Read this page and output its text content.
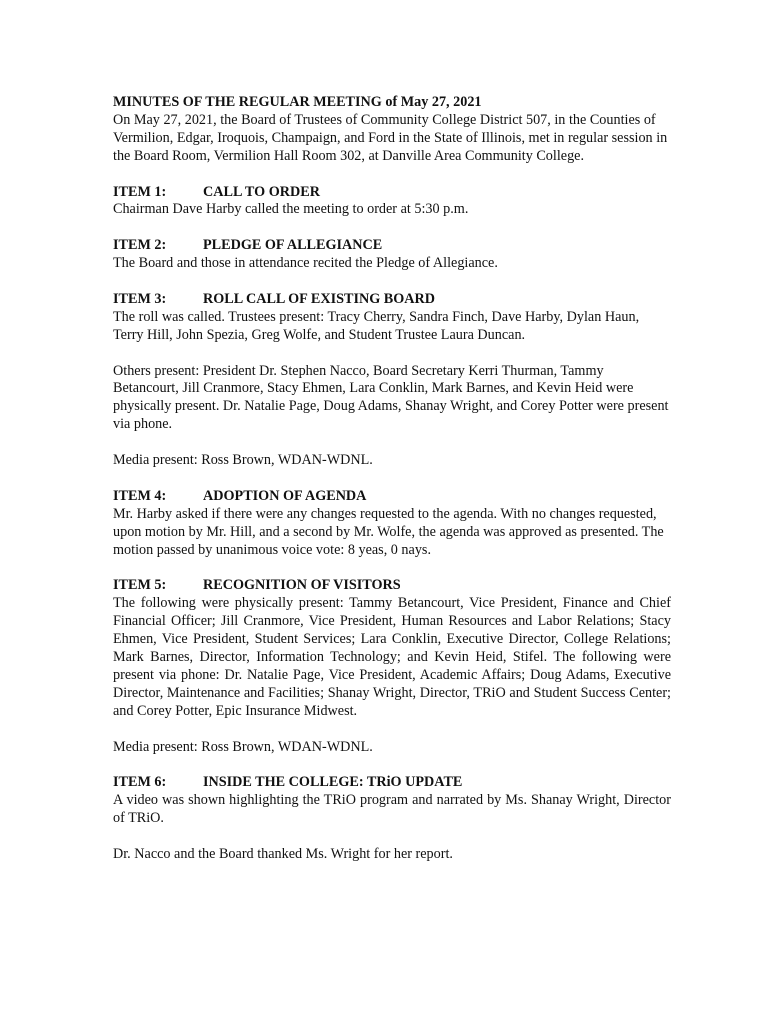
MINUTES OF THE REGULAR MEETING of May 27, 2021

On May 27, 2021, the Board of Trustees of Community College District 507, in the Counties of Vermilion, Edgar, Iroquois, Champaign, and Ford in the State of Illinois, met in regular session in the Board Room, Vermilion Hall Room 302, at Danville Area Community College.

ITEM 1:	CALL TO ORDER

Chairman Dave Harby called the meeting to order at 5:30 p.m.

ITEM 2:	PLEDGE OF ALLEGIANCE

The Board and those in attendance recited the Pledge of Allegiance.

ITEM 3:	ROLL CALL OF EXISTING BOARD

The roll was called. Trustees present: Tracy Cherry, Sandra Finch, Dave Harby, Dylan Haun, Terry Hill, John Spezia, Greg Wolfe, and Student Trustee Laura Duncan.

Others present: President Dr. Stephen Nacco, Board Secretary Kerri Thurman, Tammy Betancourt, Jill Cranmore, Stacy Ehmen, Lara Conklin, Mark Barnes, and Kevin Heid were physically present. Dr. Natalie Page, Doug Adams, Shanay Wright, and Corey Potter were present via phone.

Media present: Ross Brown, WDAN-WDNL.

ITEM 4:	ADOPTION OF AGENDA

Mr. Harby asked if there were any changes requested to the agenda. With no changes requested, upon motion by Mr. Hill, and a second by Mr. Wolfe, the agenda was approved as presented. The motion passed by unanimous voice vote: 8 yeas, 0 nays.

ITEM 5:	RECOGNITION OF VISITORS

The following were physically present: Tammy Betancourt, Vice President, Finance and Chief Financial Officer; Jill Cranmore, Vice President, Human Resources and Labor Relations; Stacy Ehmen, Vice President, Student Services; Lara Conklin, Executive Director, College Relations; Mark Barnes, Director, Information Technology; and Kevin Heid, Stifel. The following were present via phone: Dr. Natalie Page, Vice President, Academic Affairs; Doug Adams, Executive Director, Maintenance and Facilities; Shanay Wright, Director, TRiO and Student Success Center; and Corey Potter, Epic Insurance Midwest.

Media present: Ross Brown, WDAN-WDNL.

ITEM 6:	INSIDE THE COLLEGE: TRiO UPDATE

A video was shown highlighting the TRiO program and narrated by Ms. Shanay Wright, Director of TRiO.

Dr. Nacco and the Board thanked Ms. Wright for her report.
